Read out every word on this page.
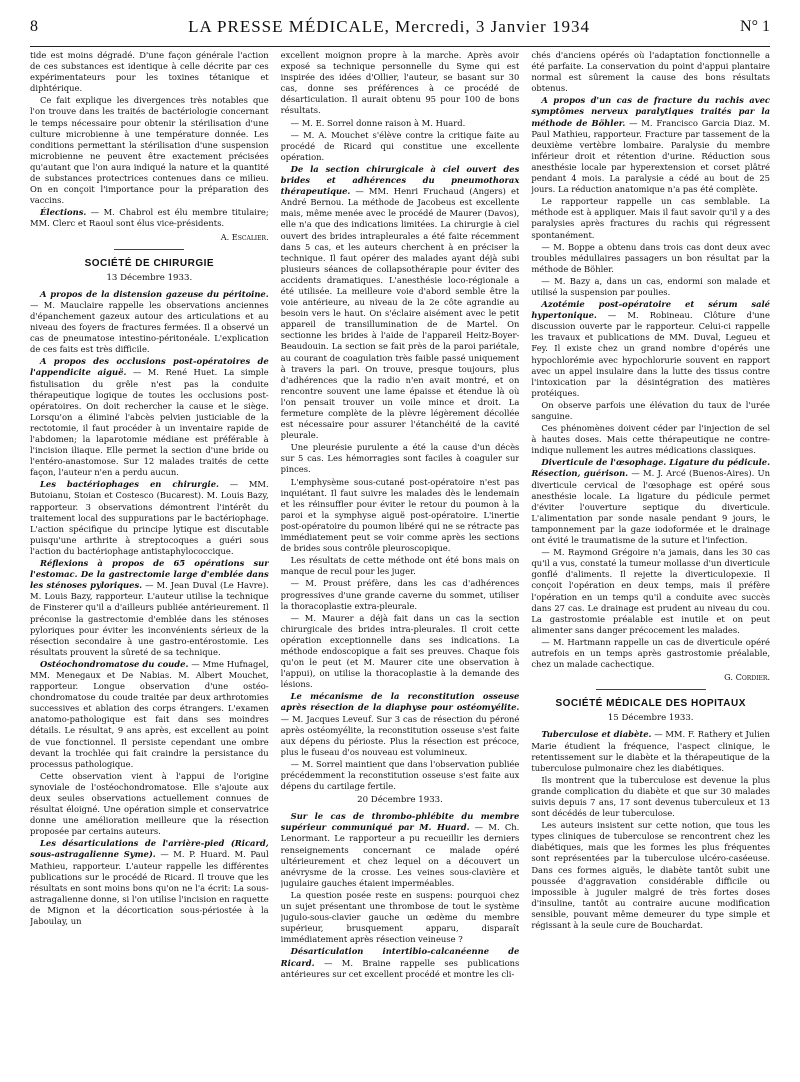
8	LA PRESSE MÉDICALE, Mercredi, 3 Janvier 1934	N° 1

tide est moins dégradé. D'une façon générale l'action de ces substances est identique à celle décrite par ces expérimentateurs pour les toxines tétanique et diphtérique.

Ce fait explique les divergences très notables que l'on trouve dans les traités de bactériologie concernant le temps nécessaire pour obtenir la stérilisation d'une culture microbienne à une température donnée. Les conditions permettant la stérilisation d'une suspension microbienne ne peuvent être exactement précisées qu'autant que l'on aura indiqué la nature et la quantité de substances protectrices contenues dans ce milieu. On en conçoit l'importance pour la préparation des vaccins.

Élections. — M. Chabrol est élu membre titulaire; MM. Clerc et Raoul sont élus vice-présidents.

A. Escalier.
SOCIÉTÉ DE CHIRURGIE
13 Décembre 1933.

A propos de la distension gazeuse du péritoine. — M. Mauclaire rappelle les observations anciennes d'épanchement gazeux autour des articulations et au niveau des foyers de fractures fermées. Il a observé un cas de pneumatose intestino-péritonéale. L'explication de ces faits est très difficile.

A propos des occlusions post-opératoires de l'appendicite aiguë. — M. René Huet. La simple fistulisation du grêle n'est pas la conduite thérapeutique logique de toutes les occlusions post-opératoires. On doit rechercher la cause et le siège. Lorsqu'on a éliminé l'abcès pelvien justiciable de la rectotomie, il faut procéder à un inventaire rapide de l'abdomen; la laparotomie médiane est préférable à l'incision iliaque. Elle permet la section d'une bride ou l'entéro-anastomose. Sur 12 malades traités de cette façon, l'auteur n'en a perdu aucun.

Les bactériophages en chirurgie. — MM. Butoianu, Stoian et Costesco (Bucarest). M. Louis Bazy, rapporteur. 3 observations démontrent l'intérêt du traitement local des suppurations par le bactériophage. L'action spécifique du principe lytique est discutable puisqu'une arthrite à streptocoques a guéri sous l'action du bactériophage antistaphylococcique.

Réflexions à propos de 65 opérations sur l'estomac. De la gastrectomie large d'emblée dans les sténoses pyloriques. — M. Jean Duval (Le Havre). M. Louis Bazy, rapporteur. L'auteur utilise la technique de Finsterer qu'il a d'ailleurs publiée antérieurement. Il préconise la gastrectomie d'emblée dans les sténoses pyloriques pour éviter les inconvénients sérieux de la résection secondaire à une gastro-entérostomie. Les résultats prouvent la sûreté de sa technique.

Ostéochondromatose du coude. — Mme Hufnagel, MM. Menegaux et De Nabias. M. Albert Mouchet, rapporteur. Longue observation d'une ostéo-chondromatose du coude traitée par deux arthrotomies successives et ablation des corps étrangers. L'examen anatomo-pathologique est fait dans ses moindres détails. Le résultat, 9 ans après, est excellent au point de vue fonctionnel. Il persiste cependant une ombre devant la trochlée qui fait craindre la persistance du processus pathologique.

Cette observation vient à l'appui de l'origine synoviale de l'ostéochondromatose. Elle s'ajoute aux deux seules observations actuellement connues de résultat éloigné. Une opération simple et conservatrice donne une amélioration meilleure que la résection proposée par certains auteurs.

Les désarticulations de l'arrière-pied (Ricard, sous-astragalienne Syme). — M. P. Huard. M. Paul Mathieu, rapporteur. L'auteur rappelle les différentes publications sur le procédé de Ricard. Il trouve que les résultats en sont moins bons qu'on ne l'a écrit: La sous-astragalienne donne, si l'on utilise l'incision en raquette de Mignon et la décortication sous-périostée à la Jaboulay, un

excellent moignon propre à la marche. Après avoir exposé sa technique personnelle du Syme qui est inspirée des idées d'Ollier, l'auteur, se basant sur 30 cas, donne ses préférences à ce procédé de désarticulation. Il aurait obtenu 95 pour 100 de bons résultats.

— M. E. Sorrel donne raison à M. Huard.

— M. A. Mouchet s'élève contre la critique faite au procédé de Ricard qui constitue une excellente opération.

De la section chirurgicale à ciel ouvert des brides et adhérences du pneumothorax thérapeutique. — MM. Henri Fruchaud (Angers) et André Bernou. La méthode de Jacobeus est excellente mais, même menée avec le procédé de Maurer (Davos), elle n'a que des indications limitées. La chirurgie à ciel ouvert des brides intrapleurales a été faite récemment dans 5 cas, et les auteurs cherchent à en préciser la technique. Il faut opérer des malades ayant déjà subi plusieurs séances de collapsothérapie pour éviter des accidents dramatiques. L'anesthésie loco-régionale a été utilisée. La meilleure voie d'abord semble être la voie antérieure, au niveau de la 2e côte agrandie au besoin vers le haut. On s'éclaire aisément avec le petit appareil de transillumination de de Martel. On sectionne les brides à l'aide de l'appareil Heitz-Boyer-Beaudouin. La section se fait près de la paroi pariétale, au courant de coagulation très faible passé uniquement à travers la pari. On trouve, presque toujours, plus d'adhérences que la radio n'en avait montré, et on rencontre souvent une lame épaisse et étendue là où l'on pensait trouver un voile mince et droit. La fermeture complète de la plèvre légèrement décollée est nécessaire pour assurer l'étanchéité de la cavité pleurale.

Une pleurésie purulente a été la cause d'un décès sur 5 cas. Les hémorragies sont faciles à coaguler sur pinces.

L'emphysème sous-cutané post-opératoire n'est pas inquiétant. Il faut suivre les malades dès le lendemain et les réinsuffler pour éviter le retour du poumon à la paroi et la symphyse aiguë post-opératoire. L'inertie post-opératoire du poumon libéré qui ne se rétracte pas immédiatement peut se voir comme après les sections de brides sous contrôle pleuroscopique.

Les résultats de cette méthode ont été bons mais on manque de recul pour les juger.

— M. Proust préfère, dans les cas d'adhérences progressives d'une grande caverne du sommet, utiliser la thoracoplastie extra-pleurale.

— M. Maurer a déjà fait dans un cas la section chirurgicale des brides intra-pleurales. Il croit cette opération exceptionnelle dans ses indications. La méthode endoscopique a fait ses preuves. Chaque fois qu'on le peut (et M. Maurer cite une observation à l'appui), on utilise la thoracoplastie à la demande des lésions.

Le mécanisme de la reconstitution osseuse après résection de la diaphyse pour ostéomyélite. — M. Jacques Leveuf. Sur 3 cas de résection du péroné après ostéomyélite, la reconstitution osseuse s'est faite aux dépens du périoste. Plus la résection est précoce, plus le fuseau d'os nouveau est volumineux.

— M. Sorrel maintient que dans l'observation publiée précédemment la reconstitution osseuse s'est faite aux dépens du cartilage fertile.

20 Décembre 1933.

Sur le cas de thrombo-phlébite du membre supérieur communiqué par M. Huard. — M. Ch. Lenormant. Le rapporteur a pu recueillir les derniers renseignements concernant ce malade opéré ultérieurement et chez lequel on a découvert un anévrysme de la crosse. Les veines sous-clavière et jugulaire gauches étaient imperméables.

La question posée reste en suspens: pourquoi chez un sujet présentant une thrombose de tout le système jugulo-sous-clavier gauche un œdème du membre supérieur, brusquement apparu, disparaît immédiatement après résection veineuse ?

Désarticulation intertibio-calcanéenne de Ricard. — M. Braine rappelle ses publications antérieures sur cet excellent procédé et montre les cli-

chés d'anciens opérés où l'adaptation fonctionnelle a été parfaite. La conservation du point d'appui plantaire normal est sûrement la cause des bons résultats obtenus.

A propos d'un cas de fracture du rachis avec symptômes nerveux paralytiques traités par la méthode de Böhler. — M. Francisco Garcia Diaz. M. Paul Mathieu, rapporteur. Fracture par tassement de la deuxième vertèbre lombaire. Paralysie du membre inférieur droit et rétention d'urine. Réduction sous anesthésie locale par hyperextension et corset plâtré pendant 4 mois. La paralysie a cédé au bout de 25 jours. La réduction anatomique n'a pas été complète.

Le rapporteur rappelle un cas semblable. La méthode est à appliquer. Mais il faut savoir qu'il y a des paralysies après fractures du rachis qui régressent spontanément.

— M. Boppe a obtenu dans trois cas dont deux avec troubles médullaires passagers un bon résultat par la méthode de Böhler.

— M. Bazy a, dans un cas, endormi son malade et utilisé la suspension par poulies.

Azotémie post-opératoire et sérum salé hypertonique. — M. Robineau. Clôture d'une discussion ouverte par le rapporteur. Celui-ci rappelle les travaux et publications de MM. Duval, Legueu et Fey. Il existe chez un grand nombre d'opérés une hypochlorémie avec hypochlorurie souvent en rapport avec un appel insulaire dans la lutte des tissus contre l'intoxication par la désintégration des matières protéiques.

On observe parfois une élévation du taux de l'urée sanguine.

Ces phénomènes doivent céder par l'injection de sel à hautes doses. Mais cette thérapeutique ne contre-indique nullement les autres médications classiques.

Diverticule de l'œsophage. Ligature du pédicule. Résection, guérison. — M. J. Arcé (Buenos-Aires). Un diverticule cervical de l'œsophage est opéré sous anesthésie locale. La ligature du pédicule permet d'éviter l'ouverture septique du diverticule. L'alimentation par sonde nasale pendant 9 jours, le tamponnement par la gaze iodoformée et le drainage ont évité le traumatisme de la suture et l'infection.

— M. Raymond Grégoire n'a jamais, dans les 30 cas qu'il a vus, constaté la tumeur mollasse d'un diverticule gonflé d'aliments. Il rejette la diverticulopexie. Il conçoit l'opération en deux temps, mais il préfère l'opération en un temps qu'il a conduite avec succès dans 27 cas. Le drainage est prudent au niveau du cou. La gastrostomie préalable est inutile et on peut alimenter sans danger précocement les malades.

— M. Hartmann rappelle un cas de diverticule opéré autrefois en un temps après gastrostomie préalable, chez un malade cachectique.

G. Cordier.
SOCIÉTÉ MÉDICALE DES HOPITAUX
15 Décembre 1933.

Tuberculose et diabète. — MM. F. Rathery et Julien Marie étudient la fréquence, l'aspect clinique, le retentissement sur le diabète et la thérapeutique de la tuberculose pulmonaire chez les diabétiques.

Ils montrent que la tuberculose est devenue la plus grande complication du diabète et que sur 30 malades suivis depuis 7 ans, 17 sont devenus tuberculeux et 13 sont décédés de leur tuberculose.

Les auteurs insistent sur cette notion, que tous les types cliniques de tuberculose se rencontrent chez les diabétiques, mais que les formes les plus fréquentes sont représentées par la tuberculose ulcéro-caséeuse. Dans ces formes aiguës, le diabète tantôt subit une poussée d'aggravation considérable difficile ou impossible à juguler malgré de très fortes doses d'insuline, tantôt au contraire aucune modification sensible, pouvant même demeurer du type simple et régissant à la seule cure de Bouchardat.
